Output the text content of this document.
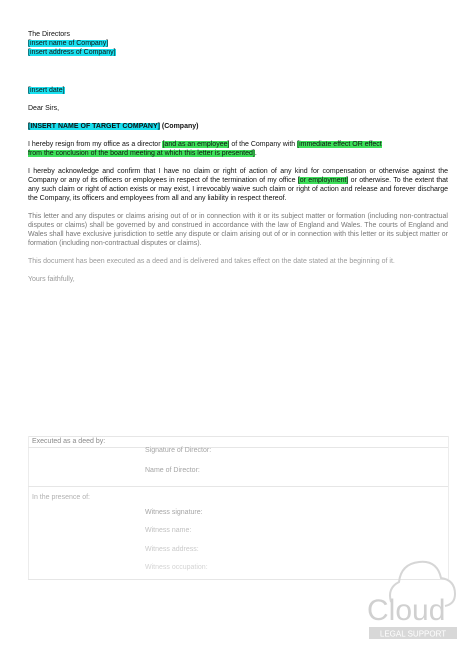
The Directors
[insert name of Company]
[insert address of Company]
[insert date]
Dear Sirs,
[INSERT NAME OF TARGET COMPANY] (Company)

I hereby resign from my office as a director [and as an employee] of the Company with [immediate effect OR effect
from the conclusion of the board meeting at which this letter is presented].

I hereby acknowledge and confirm that I have no claim or right of action of any kind for compensation or otherwise against the Company or any of its officers or employees in respect of the termination of my office [or employment] or otherwise. To the extent that any such claim or right of action exists or may exist, I irrevocably waive such claim or right of action and release and forever discharge the Company, its officers and employees from all and any liability in respect thereof.

This letter and any disputes or claims arising out of or in connection with it or its subject matter or formation (including non-contractual disputes or claims) shall be governed by and construed in accordance with the law of England and Wales. The courts of England and Wales shall have exclusive jurisdiction to settle any dispute or claim arising out of or in connection with this letter or its subject matter or formation (including non-contractual disputes or claims).

This document has been executed as a deed and is delivered and takes effect on the date stated at the beginning of it.

Yours faithfully,
Executed as a deed by:
Signature of Director:
Name of Director:
In the presence of:
Witness signature:
Witness name:
Witness address:
Witness occupation:
Cloud
LEGAL SUPPORT
